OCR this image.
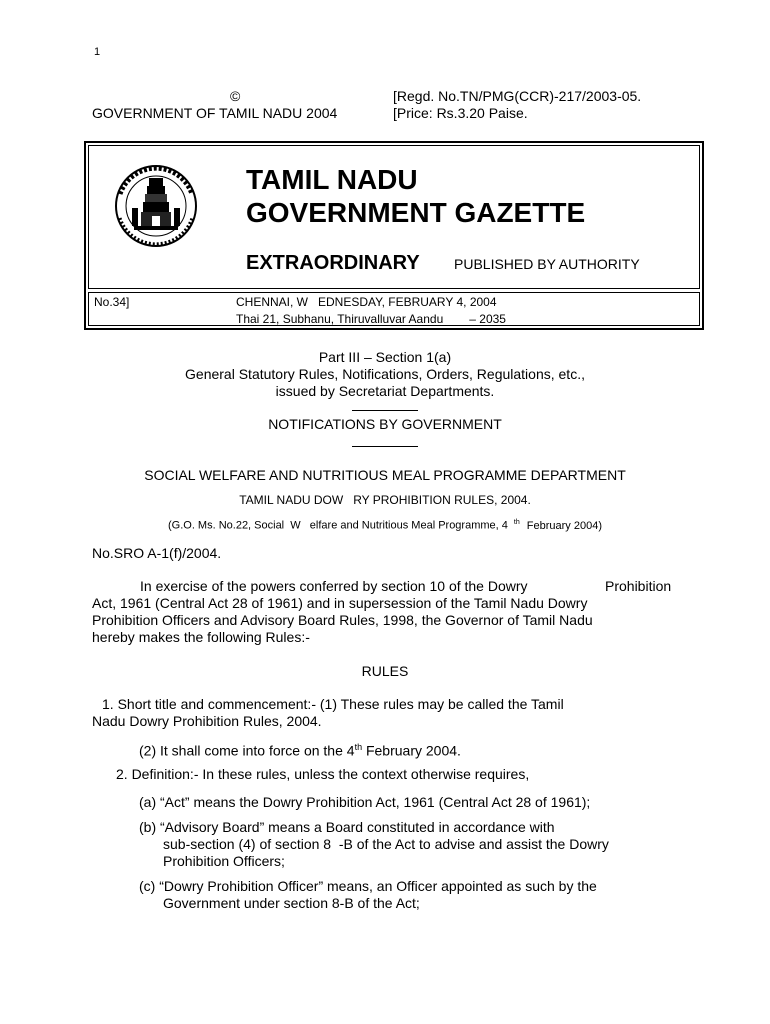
1
©
GOVERNMENT OF TAMIL NADU 2004
[Regd. No.TN/PMG(CCR)-217/2003-05.
[Price: Rs.3.20 Paise.
TAMIL NADU
GOVERNMENT GAZETTE
EXTRAORDINARY PUBLISHED BY AUTHORITY
No.34]	CHENNAI, W   EDNESDAY, FEBRUARY 4, 2004
Thai 21, Subhanu, Thiruvalluvar Aandu – 2035
Part III – Section 1(a)
General Statutory Rules, Notifications, Orders, Regulations, etc.,
issued by Secretariat Departments.
NOTIFICATIONS BY GOVERNMENT
SOCIAL WELFARE AND NUTRITIOUS MEAL PROGRAMME DEPARTMENT
TAMIL NADU DOW   RY PROHIBITION RULES, 2004.
(G.O. Ms. No.22, Social  W   elfare and Nutritious Meal Programme, 4 $^{th}$ February 2004)
No.SRO A-1(f)/2004.
In exercise of the powers conferred by section 10 of the Dowry	Prohibition
Act, 1961 (Central Act 28 of 1961) and in supersession of the Tamil Nadu Dowry
Prohibition Officers and Advisory Board Rules, 1998, the Governor of Tamil Nadu
hereby makes the following Rules:-
RULES
1. Short title and commencement:- (1) These rules may be called the Tamil
Nadu Dowry Prohibition Rules, 2004.
(2) It shall come into force on the 4th February 2004.
2. Definition:- In these rules, unless the context otherwise requires,
(a) “Act” means the Dowry Prohibition Act, 1961 (Central Act 28 of 1961);
(b) “Advisory Board” means a Board constituted in accordance with
sub-section (4) of section 8  -B of the Act to advise and assist the Dowry
Prohibition Officers;
(c) “Dowry Prohibition Officer” means, an Officer appointed as such by the
Government under section 8-B of the Act;
